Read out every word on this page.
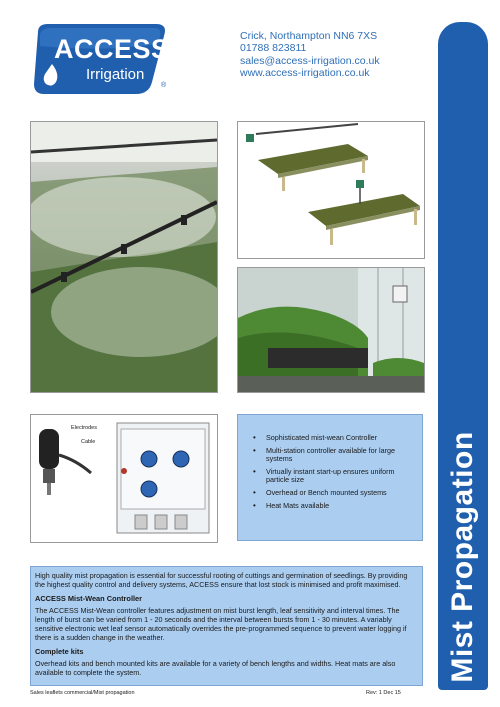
ACCESS
Irrigation
®
Crick, Northampton NN6 7XS
01788 823811
sales@access-irrigation.co.uk
www.access-irrigation.co.uk
Mist Propagation
Electrodes
Cable
•	Sophisticated mist-wean Controller
• Multi-station controller available for large systems
• Virtually instant start-up ensures uniform particle size
• Overhead or Bench mounted systems
• Heat Mats available

High quality mist propagation is essential for successful rooting of cuttings and germination of seedlings. By providing the highest quality control and delivery systems, ACCESS ensure that lost stock is minimised and profit maximised.

ACCESS Mist-Wean Controller

The ACCESS Mist-Wean controller features adjustment on mist burst length, leaf sensitivity and interval times. The length of burst can be varied from 1 - 20 seconds and the interval between bursts from 1 - 30 minutes. A variably sensitive electronic wet leaf sensor automatically overrides the pre-programmed sequence to prevent water logging if there is a sudden change in the weather.

Complete kits

Overhead kits and bench mounted kits are available for a variety of bench lengths and widths. Heat mats are also available to complete the system.

Sales leaflets commercial/Mist propagation	Rev: 1 Dec 15
